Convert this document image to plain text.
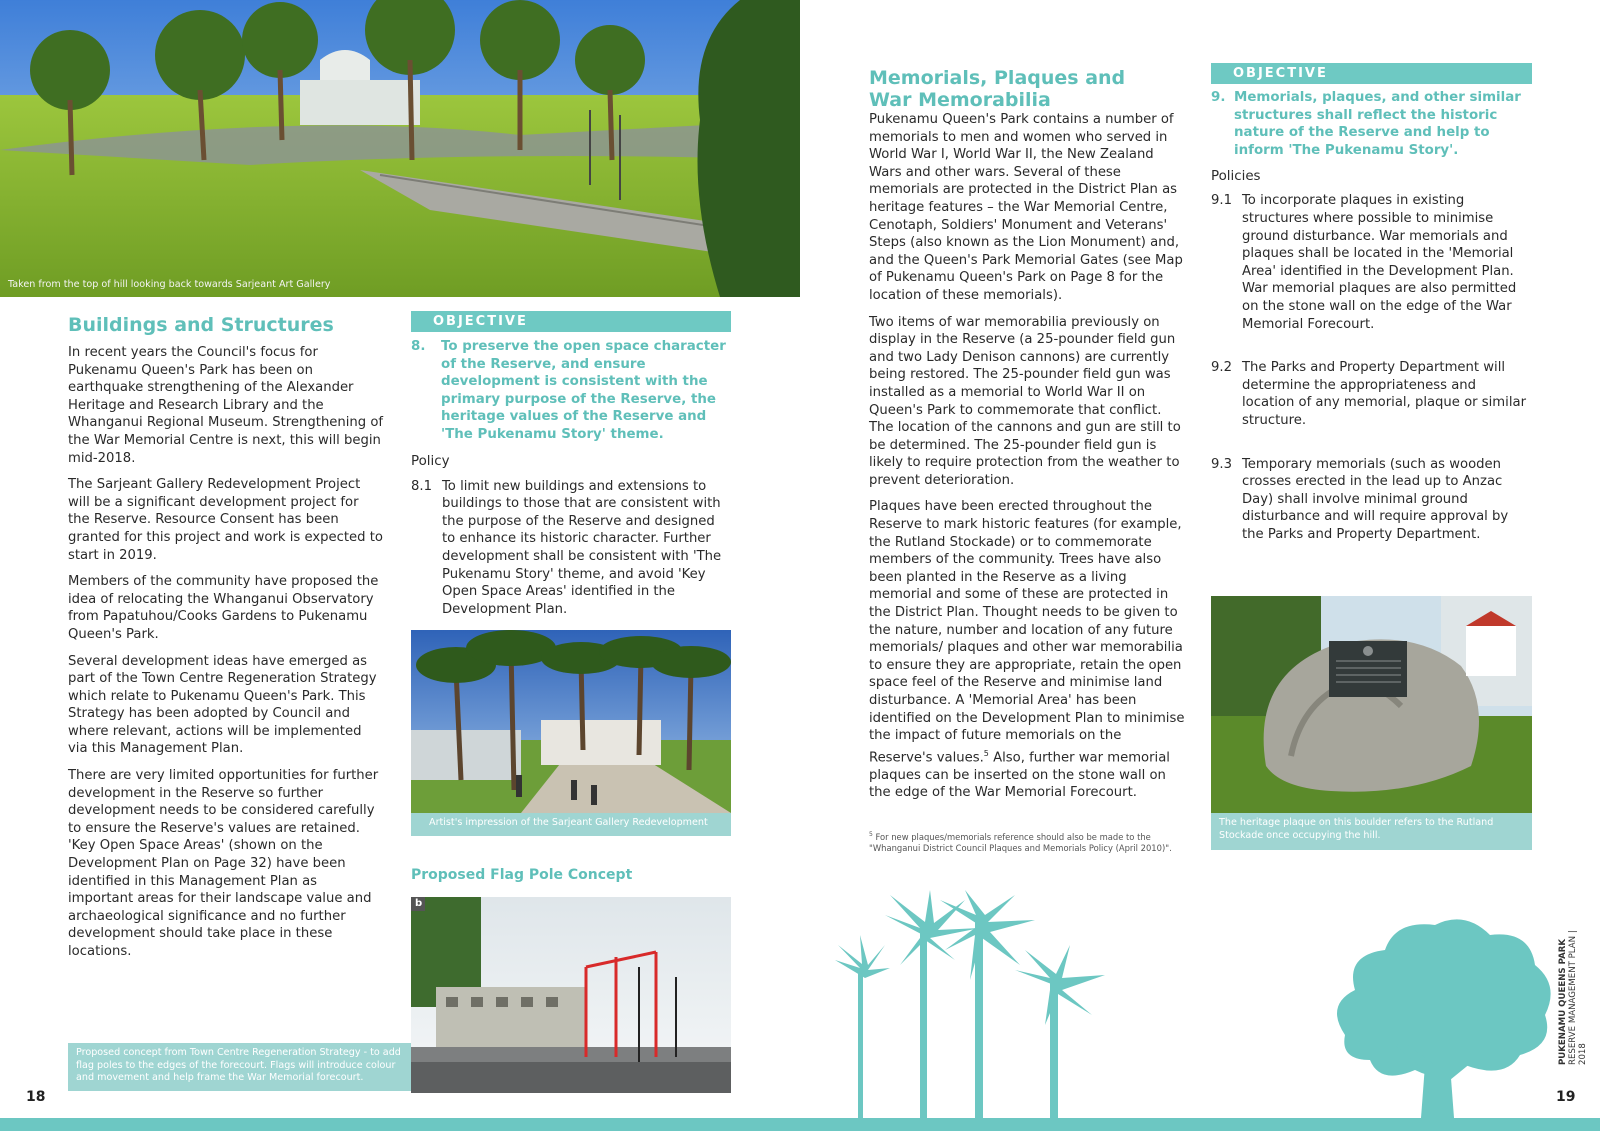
Taken from the top of hill looking back towards Sarjeant Art Gallery
Buildings and Structures

In recent years the Council's focus for Pukenamu Queen's Park has been on earthquake strengthening of the Alexander Heritage and Research Library and the Whanganui Regional Museum. Strengthening of the War Memorial Centre is next, this will begin mid-2018.

The Sarjeant Gallery Redevelopment Project will be a significant development project for the Reserve. Resource Consent has been granted for this project and work is expected to start in 2019.

Members of the community have proposed the idea of relocating the Whanganui Observatory from Papatuhou/Cooks Gardens to Pukenamu Queen's Park.

Several development ideas have emerged as part of the Town Centre Regeneration Strategy which relate to Pukenamu Queen's Park. This Strategy has been adopted by Council and where relevant, actions will be implemented via this Management Plan.

There are very limited opportunities for further development in the Reserve so further development needs to be considered carefully to ensure the Reserve's values are retained. 'Key Open Space Areas' (shown on the Development Plan on Page 32) have been identified in this Management Plan as important areas for their landscape value and archaeological significance and no further development should take place in these locations.

OBJECTIVE
8.	To preserve the open space character of the Reserve, and ensure development is consistent with the primary purpose of the Reserve, the heritage values of the Reserve and 'The Pukenamu Story' theme.

Policy

8.1 To limit new buildings and extensions to buildings to those that are consistent with the purpose of the Reserve and designed to enhance its historic character. Further development shall be consistent with 'The Pukenamu Story' theme, and avoid 'Key Open Space Areas' identified in the Development Plan.
Artist's impression of the Sarjeant Gallery Redevelopment
Proposed Flag Pole Concept
b
Proposed concept from Town Centre Regeneration Strategy - to add flag poles to the edges of the forecourt. Flags will introduce colour and movement and help frame the War Memorial forecourt.
18
Memorials, Plaques and
War Memorabilia

Pukenamu Queen's Park contains a number of memorials to men and women who served in World War I, World War II, the New Zealand Wars and other wars. Several of these memorials are protected in the District Plan as heritage features – the War Memorial Centre, Cenotaph, Soldiers' Monument and Veterans' Steps (also known as the Lion Monument) and, and the Queen's Park Memorial Gates (see Map of Pukenamu Queen's Park on Page 8 for the location of these memorials).

Two items of war memorabilia previously on display in the Reserve (a 25-pounder field gun and two Lady Denison cannons) are currently being restored. The 25-pounder field gun was installed as a memorial to World War II on Queen's Park to commemorate that conflict. The location of the cannons and gun are still to be determined. The 25-pounder field gun is likely to require protection from the weather to prevent deterioration.

Plaques have been erected throughout the Reserve to mark historic features (for example, the Rutland Stockade) or to commemorate members of the community. Trees have also been planted in the Reserve as a living memorial and some of these are protected in the District Plan. Thought needs to be given to the nature, number and location of any future memorials/ plaques and other war memorabilia to ensure they are appropriate, retain the open space feel of the Reserve and minimise land disturbance. A 'Memorial Area' has been identified on the Development Plan to minimise the impact of future memorials on the Reserve's values.$^5$ Also, further war memorial plaques can be inserted on the stone wall on the edge of the War Memorial Forecourt.

$^5$ For new plaques/memorials reference should also be made to the "Whanganui District Council Plaques and Memorials Policy (April 2010)".
OBJECTIVE
9. Memorials, plaques, and other similar structures shall reflect the historic nature of the Reserve and help to inform 'The Pukenamu Story'.

Policies

9.1 To incorporate plaques in existing structures where possible to minimise ground disturbance. War memorials and plaques shall be located in the 'Memorial Area' identified in the Development Plan. War memorial plaques are also permitted on the stone wall on the edge of the War Memorial Forecourt.
9.2 The Parks and Property Department will determine the appropriateness and location of any memorial, plaque or similar structure.
9.3 Temporary memorials (such as wooden crosses erected in the lead up to Anzac Day) shall involve minimal ground disturbance and will require approval by the Parks and Property Department.
The heritage plaque on this boulder refers to the Rutland Stockade once occupying the hill.
PUKENAMU QUEENS PARK
RESERVE MANAGEMENT PLAN | 2018
19
